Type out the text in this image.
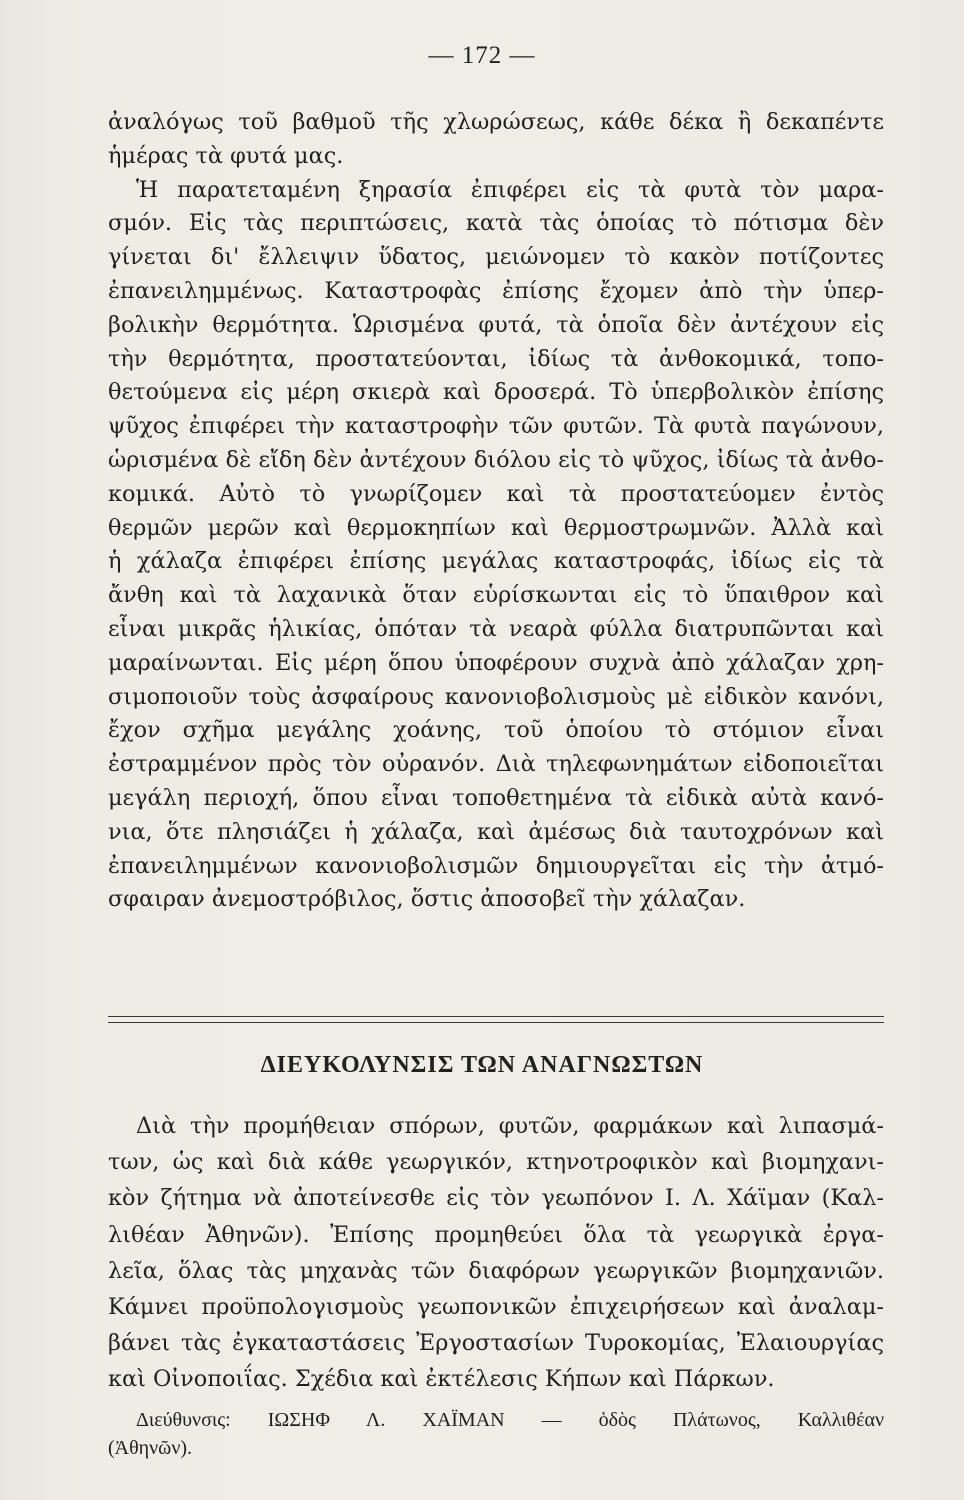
— 172 —
ἀναλόγως τοῦ βαθμοῦ τῆς χλωρώσεως, κάθε δέκα ἢ δεκαπέντε
ἡμέρας τὰ φυτά μας.
Ἡ παρατεταμένη ξηρασία ἐπιφέρει εἰς τὰ φυτὰ τὸν μαρα-
σμόν. Εἰς τὰς περιπτώσεις, κατὰ τὰς ὁποίας τὸ πότισμα δὲν
γίνεται δι' ἔλλειψιν ὕδατος, μειώνομεν τὸ κακὸν ποτίζοντες
ἐπανειλημμένως. Καταστροφὰς ἐπίσης ἔχομεν ἀπὸ τὴν ὑπερ-
βολικὴν θερμότητα. Ὡρισμένα φυτά, τὰ ὁποῖα δὲν ἀντέχουν εἰς
τὴν θερμότητα, προστατεύονται, ἰδίως τὰ ἀνθοκομικά, τοπο-
θετούμενα εἰς μέρη σκιερὰ καὶ δροσερά. Τὸ ὑπερβολικὸν ἐπίσης
ψῦχος ἐπιφέρει τὴν καταστροφὴν τῶν φυτῶν. Τὰ φυτὰ παγώνουν,
ὡρισμένα δὲ εἴδη δὲν ἀντέχουν διόλου εἰς τὸ ψῦχος, ἰδίως τὰ ἀνθο-
κομικά. Αὐτὸ τὸ γνωρίζομεν καὶ τὰ προστατεύομεν ἐντὸς
θερμῶν μερῶν καὶ θερμοκηπίων καὶ θερμοστρωμνῶν. Ἀλλὰ καὶ
ἡ χάλαζα ἐπιφέρει ἐπίσης μεγάλας καταστροφάς, ἰδίως εἰς τὰ
ἄνθη καὶ τὰ λαχανικὰ ὅταν εὑρίσκωνται εἰς τὸ ὕπαιθρον καὶ
εἶναι μικρᾶς ἡλικίας, ὁπόταν τὰ νεαρὰ φύλλα διατρυπῶνται καὶ
μαραίνωνται. Εἰς μέρη ὅπου ὑποφέρουν συχνὰ ἀπὸ χάλαζαν χρη-
σιμοποιοῦν τοὺς ἀσφαίρους κανονιοβολισμοὺς μὲ εἰδικὸν κανόνι,
ἔχον σχῆμα μεγάλης χοάνης, τοῦ ὁποίου τὸ στόμιον εἶναι
ἐστραμμένον πρὸς τὸν οὐρανόν. Διὰ τηλεφωνημάτων εἰδοποιεῖται
μεγάλη περιοχή, ὅπου εἶναι τοποθετημένα τὰ εἰδικὰ αὐτὰ κανό-
νια, ὅτε πλησιάζει ἡ χάλαζα, καὶ ἀμέσως διὰ ταυτοχρόνων καὶ
ἐπανειλημμένων κανονιοβολισμῶν δημιουργεῖται εἰς τὴν ἀτμό-
σφαιραν ἀνεμοστρόβιλος, ὅστις ἀποσοβεῖ τὴν χάλαζαν.
ΔΙΕΥΚΟΛΥΝΣΙΣ ΤΩΝ ΑΝΑΓΝΩΣΤΩΝ
Διὰ τὴν προμήθειαν σπόρων, φυτῶν, φαρμάκων καὶ λιπασμά-
των, ὡς καὶ διὰ κάθε γεωργικόν, κτηνοτροφικὸν καὶ βιομηχανι-
κὸν ζήτημα νὰ ἀποτείνεσθε εἰς τὸν γεωπόνον Ι. Λ. Χάϊμαν (Καλ-
λιθέαν Ἀθηνῶν). Ἐπίσης προμηθεύει ὅλα τὰ γεωργικὰ ἐργα-
λεῖα, ὅλας τὰς μηχανὰς τῶν διαφόρων γεωργικῶν βιομηχανιῶν.
Κάμνει προϋπολογισμοὺς γεωπονικῶν ἐπιχειρήσεων καὶ ἀναλαμ-
βάνει τὰς ἐγκαταστάσεις Ἐργοστασίων Τυροκομίας, Ἐλαιουργίας
καὶ Οἰνοποιΐας. Σχέδια καὶ ἐκτέλεσις Κήπων καὶ Πάρκων.
Διεύθυνσις: ΙΩΣΗΦ Λ. ΧΑΪΜΑΝ — ὁδὸς Πλάτωνος, Καλλιθέαν
(Ἀθηνῶν).
